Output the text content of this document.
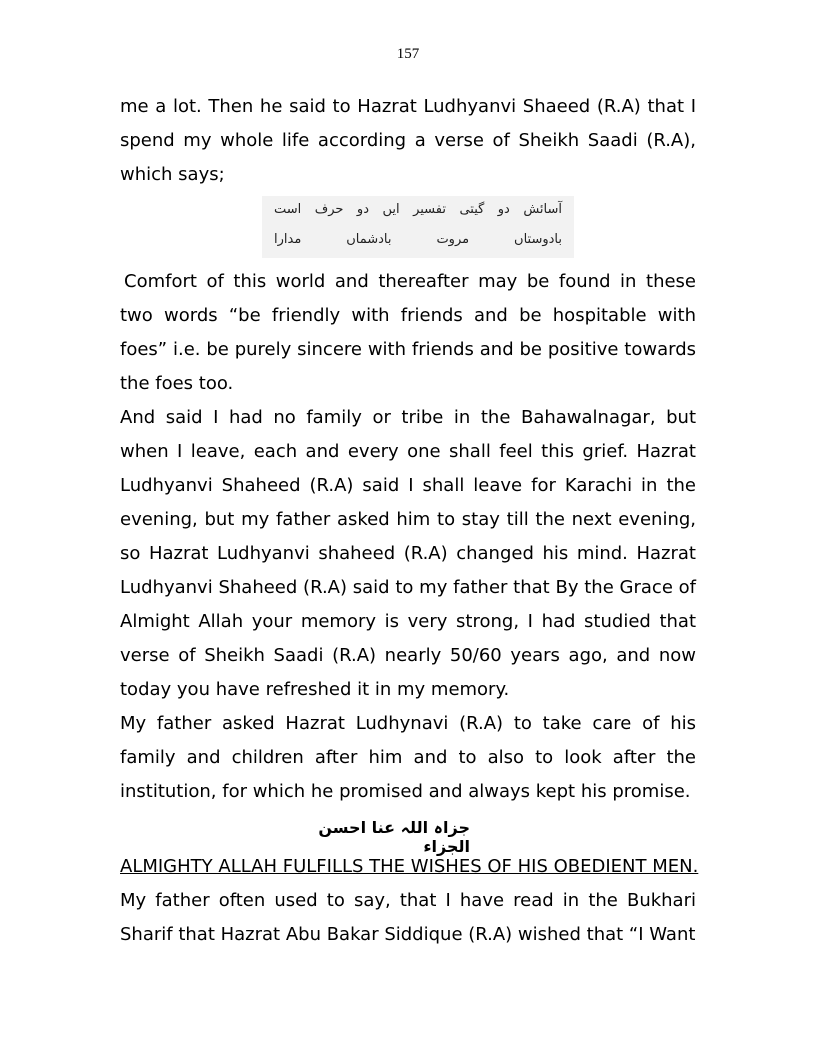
157

me a lot. Then he said to Hazrat Ludhyanvi Shaeed (R.A) that I spend my whole life according a verse of Sheikh Saadi (R.A), which says;

آسائش
دو
گیتی
تفسیر
ایں
دو
حرف
است
بادوستاں
مروت
بادشماں
مدارا

Comfort of this world and thereafter may be found in these two words “be friendly with friends and be hospitable with foes” i.e. be purely sincere with friends and be positive towards the foes too.

And said I had no family or tribe in the Bahawalnagar, but when I leave, each and every one shall feel this grief. Hazrat Ludhyanvi Shaheed (R.A) said I shall leave for Karachi in the evening, but my father asked him to stay till the next evening, so Hazrat Ludhyanvi shaheed (R.A) changed his mind. Hazrat Ludhyanvi Shaheed (R.A) said to my father that By the Grace of Almight Allah your memory is very strong, I had studied that verse of Sheikh Saadi (R.A) nearly 50/60 years ago, and now today you have refreshed it in my memory.

My father asked Hazrat Ludhynavi (R.A) to take care of his family and children after him and to also to look after the institution, for which he promised and always kept his promise.

جزاہ اللہ عنا احسن الجزاء
ALMIGHTY ALLAH FULFILLS THE WISHES OF HIS OBEDIENT MEN.

My father often used to say, that I have read in the Bukhari Sharif that Hazrat Abu Bakar Siddique (R.A) wished that “I Want
